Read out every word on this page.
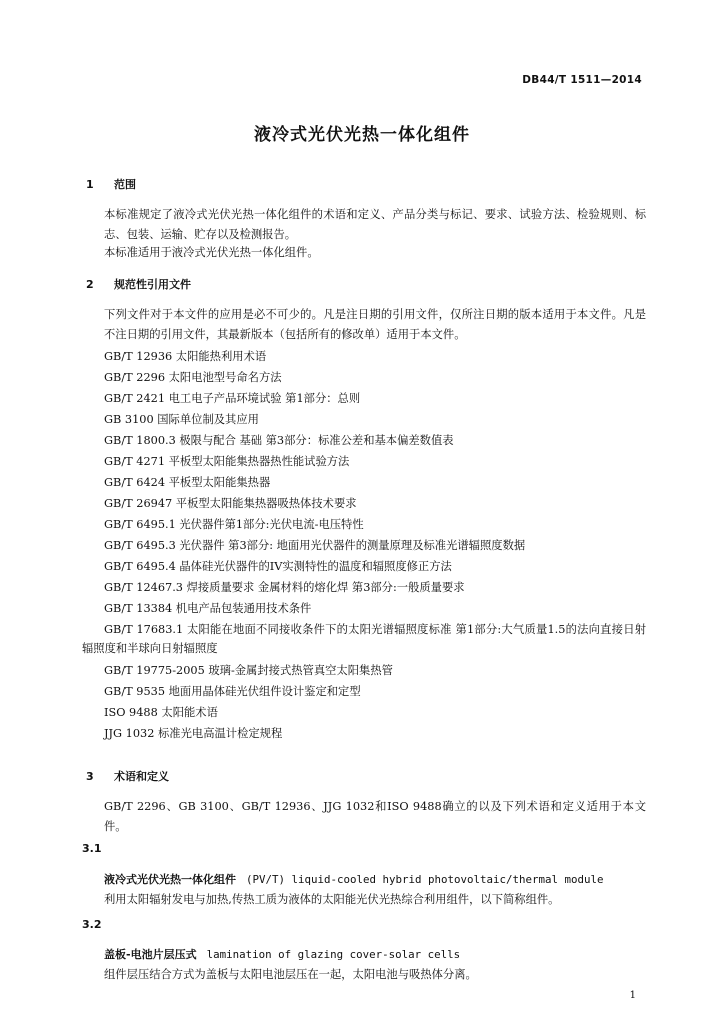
DB44/T 1511—2014
液冷式光伏光热一体化组件
1 范围
本标准规定了液冷式光伏光热一体化组件的术语和定义、产品分类与标记、要求、试验方法、检验规则、标志、包装、运输、贮存以及检测报告。
本标准适用于液冷式光伏光热一体化组件。
2 规范性引用文件
下列文件对于本文件的应用是必不可少的。凡是注日期的引用文件，仅所注日期的版本适用于本文件。凡是不注日期的引用文件，其最新版本（包括所有的修改单）适用于本文件。
GB/T 12936 太阳能热利用术语
GB/T 2296 太阳电池型号命名方法
GB/T 2421 电工电子产品环境试验 第1部分：总则
GB 3100 国际单位制及其应用
GB/T 1800.3 极限与配合 基础 第3部分：标准公差和基本偏差数值表
GB/T 4271 平板型太阳能集热器热性能试验方法
GB/T 6424 平板型太阳能集热器
GB/T 26947 平板型太阳能集热器吸热体技术要求
GB/T 6495.1 光伏器件第1部分:光伏电流-电压特性
GB/T 6495.3 光伏器件 第3部分: 地面用光伏器件的测量原理及标准光谱辐照度数据
GB/T 6495.4 晶体硅光伏器件的IV实测特性的温度和辐照度修正方法
GB/T 12467.3 焊接质量要求 金属材料的熔化焊 第3部分:一般质量要求
GB/T 13384 机电产品包装通用技术条件
GB/T 17683.1 太阳能在地面不同接收条件下的太阳光谱辐照度标准 第1部分:大气质量1.5的法向直接日射辐照度和半球向日射辐照度
GB/T 19775-2005 玻璃-金属封接式热管真空太阳集热管
GB/T 9535 地面用晶体硅光伏组件设计鉴定和定型
ISO 9488 太阳能术语
JJG 1032 标准光电高温计检定规程
3 术语和定义
GB/T 2296、GB 3100、GB/T 12936、JJG 1032和ISO 9488确立的以及下列术语和定义适用于本文件。
3.1
液冷式光伏光热一体化组件 (PV/T) liquid-cooled hybrid photovoltaic/thermal module
利用太阳辐射发电与加热,传热工质为液体的太阳能光伏光热综合利用组件，以下简称组件。
3.2
盖板-电池片层压式 lamination of glazing cover-solar cells
组件层压结合方式为盖板与太阳电池层压在一起，太阳电池与吸热体分离。
1
